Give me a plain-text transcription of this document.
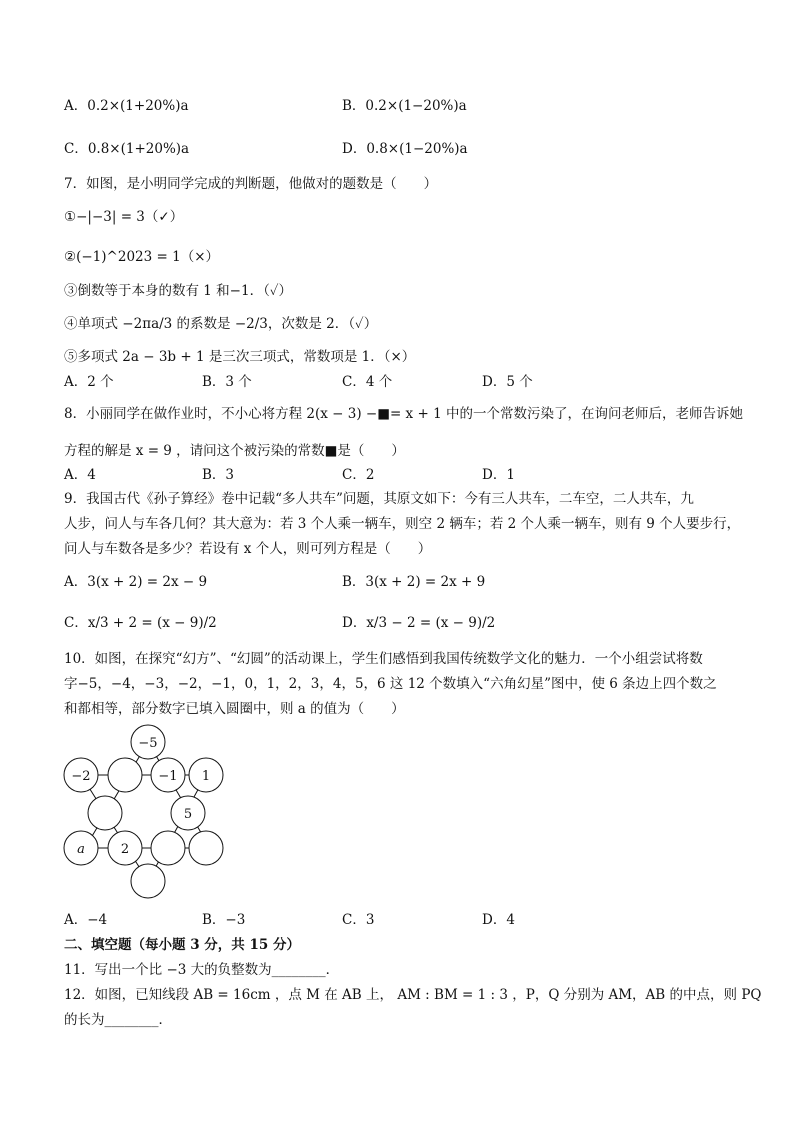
A．0.2×(1+20%)a	B．0.2×(1−20%)a
C．0.8×(1+20%)a	D．0.8×(1−20%)a
7．如图，是小明同学完成的判断题，他做对的题数是（　　）
①−|−3| = 3（✓）
②(−1)^2023 = 1（×）
③倒数等于本身的数有 1 和−1．（✓）
④单项式 −2πa/3 的系数是 −2/3，次数是 2．（✓）
⑤多项式 2a − 3b + 1 是三次三项式，常数项是 1．（×）
A．2 个	B．3 个	C．4 个	D．5 个
8．小丽同学在做作业时，不小心将方程 2(x − 3) −■= x + 1 中的一个常数污染了，在询问老师后，老师告诉她
方程的解是 x = 9 ，请问这个被污染的常数■是（　　）
A．4	B．3	C．2	D．1
9．我国古代《孙子算经》卷中记载“多人共车”问题，其原文如下：今有三人共车，二车空，二人共车，九
人步，问人与车各几何？其大意为：若 3 个人乘一辆车，则空 2 辆车；若 2 个人乘一辆车，则有 9 个人要步行，
问人与车数各是多少？若设有 x 个人，则可列方程是（　　）
A．3(x + 2) = 2x − 9	B．3(x + 2) = 2x + 9
C．x/3 + 2 = (x − 9)/2	D．x/3 − 2 = (x − 9)/2
10．如图，在探究“幻方”、“幻圆”的活动课上，学生们感悟到我国传统数学文化的魅力．一个小组尝试将数
字−5，−4，−3，−2，−1，0，1，2，3，4，5，6 这 12 个数填入“六角幻星”图中，使 6 条边上四个数之
和都相等，部分数字已填入圆圈中，则 a 的值为（　　）
−5
−2	−1 1
5
a	2
A．−4	B．−3	C．3	D．4
二、填空题（每小题 3 分，共 15 分）
11．写出一个比 −3 大的负整数为________．
12．如图，已知线段 AB = 16cm ，点 M 在 AB 上， AM : BM = 1 : 3 ，P，Q 分别为 AM，AB 的中点，则 PQ
的长为________．
